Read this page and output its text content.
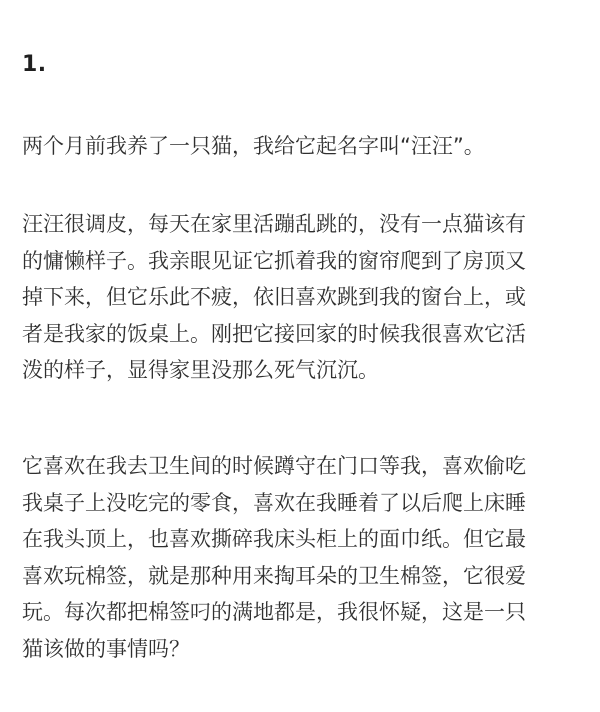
1.
两个月前我养了一只猫，我给它起名字叫“汪汪”。
汪汪很调皮，每天在家里活蹦乱跳的，没有一点猫该有
的慵懒样子。我亲眼见证它抓着我的窗帘爬到了房顶又
掉下来，但它乐此不疲，依旧喜欢跳到我的窗台上，或
者是我家的饭桌上。刚把它接回家的时候我很喜欢它活
泼的样子，显得家里没那么死气沉沉。
它喜欢在我去卫生间的时候蹲守在门口等我，喜欢偷吃
我桌子上没吃完的零食，喜欢在我睡着了以后爬上床睡
在我头顶上，也喜欢撕碎我床头柜上的面巾纸。但它最
喜欢玩棉签，就是那种用来掏耳朵的卫生棉签，它很爱
玩。每次都把棉签叼的满地都是，我很怀疑，这是一只
猫该做的事情吗？
